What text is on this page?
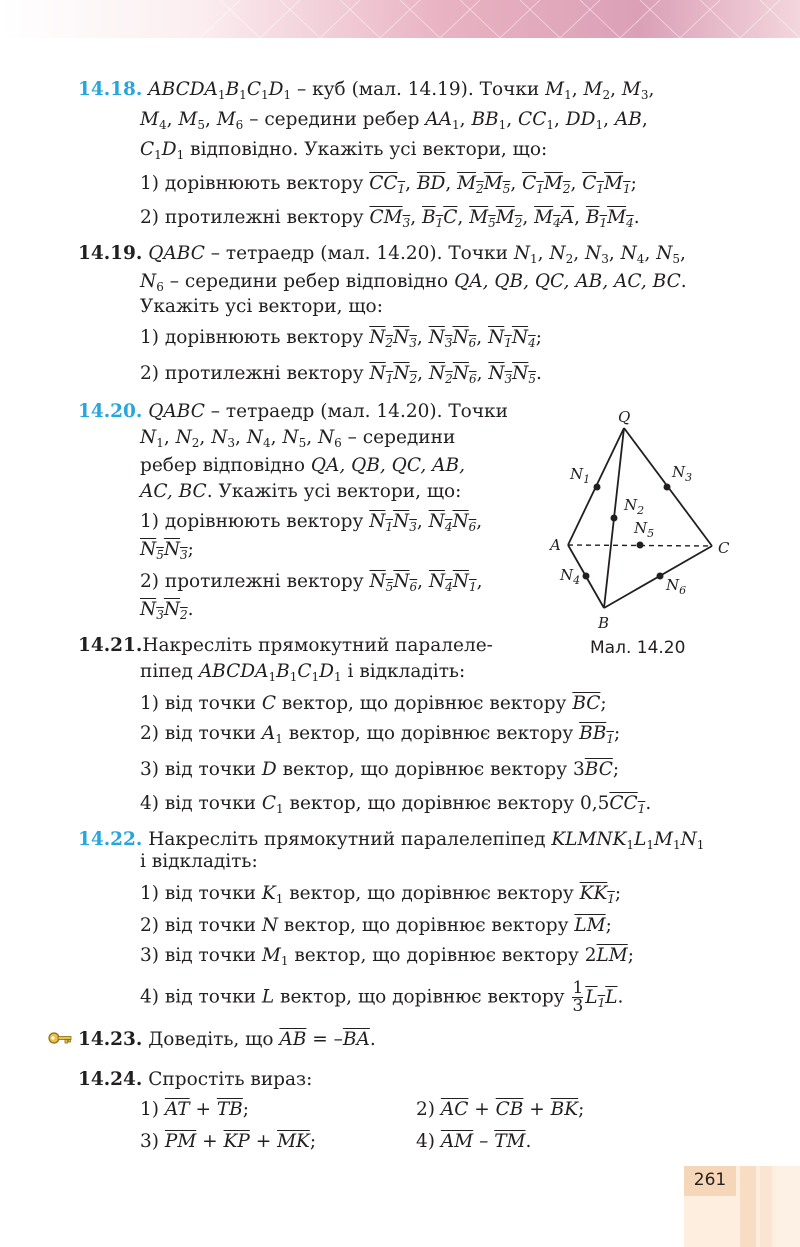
14.18. $ABCDA_1B_1C_1D_1$ – куб (мал. 14.19). Точки $M_1$, $M_2$, $M_3$,
$M_4$, $M_5$, $M_6$ – середини ребер $AA_1$, $BB_1$, $CC_1$, $DD_1$, AB,
$C_1D_1$ відповідно. Укажіть усі вектори, що:
1) дорівнюють вектору $CC_1$, $\overline{BD}$, $M_2M_5$, $C_1M_2$, $C_1M_1$;
2) протилежні вектору $CM_3$, $B_1C$, $M_5M_2$, $M_4A$, $B_1M_4$.
14.19. QABC – тетраедр (мал. 14.20). Точки $N_1$, $N_2$, $N_3$, $N_4$, $N_5$,
$N_6$ – середини ребер відповідно QA, QB, QC, AB, AC, BC.
Укажіть усі вектори, що:
1) дорівнюють вектору $N_2N_3$, $N_3N_6$, $N_1N_4$;
2) протилежні вектору $N_1N_2$, $N_2N_6$, $N_3N_5$.
14.20. QABC – тетраедр (мал. 14.20). Точки
$N_1$, $N_2$, $N_3$, $N_4$, $N_5$, $N_6$ – середини
ребер відповідно QA, QB, QC, AB,
AC, BC. Укажіть усі вектори, що:
1) дорівнюють вектору $N_1N_3$, $N_4N_6$,
$N_5N_3$;
2) протилежні вектору $N_5N_6$, $N_4N_1$,
$N_3N_2$.
Q
A
B
C
$N_1$
$N_2$
$N_3$
$N_4$
$N_5$
$N_6$
Мал. 14.20
14.21.Накресліть прямокутний паралеле-
піпед $ABCDA_1B_1C_1D_1$ і відкладіть:
1) від точки C вектор, що дорівнює вектору $\overline{BC}$;
2) від точки $A_1$ вектор, що дорівнює вектору $BB_1$;
3) від точки D вектор, що дорівнює вектору $3\overline{BC}$;
4) від точки $C_1$ вектор, що дорівнює вектору $0,5CC_1$.
14.22. Накресліть прямокутний паралелепіпед $KLMNK_1L_1M_1N_1$
і відкладіть:
1) від точки $K_1$ вектор, що дорівнює вектору $KK_1$;
2) від точки N вектор, що дорівнює вектору $\overline{LM}$;
3) від точки $M_1$ вектор, що дорівнює вектору $2\overline{LM}$;
4) від точки L вектор, що дорівнює вектору $\frac{1}{3} L_1L$.
14.23. Доведіть, що $\overline{AB} = -\overline{BA}$.
14.24. Спростіть вираз:
1) $\overline{AT} + \overline{TB}$;	2) $\overline{AC} + \overline{CB} + \overline{BK}$;
3) $\overline{PM} + \overline{KP} + \overline{MK}$;	4) $\overline{AM} - \overline{TM}$.
261
